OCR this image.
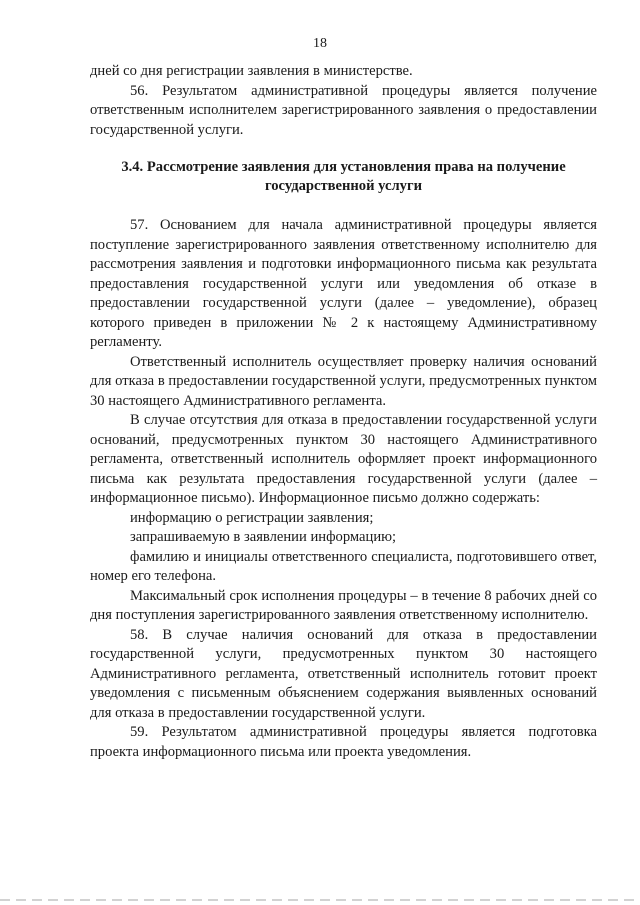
18

дней со дня регистрации заявления в министерстве.

56. Результатом административной процедуры является получение ответственным исполнителем зарегистрированного заявления о предоставлении государственной услуги.

3.4. Рассмотрение заявления для установления права на получение
государственной услуги

57. Основанием для начала административной процедуры является поступление зарегистрированного заявления ответственному исполнителю для рассмотрения заявления и подготовки информационного письма как результата предоставления государственной услуги или уведомления об отказе в предоставлении государственной услуги (далее – уведомление), образец которого приведен в приложении № 2 к настоящему Административному регламенту.

Ответственный исполнитель осуществляет проверку наличия оснований для отказа в предоставлении государственной услуги, предусмотренных пунктом 30 настоящего Административного регламента.

В случае отсутствия для отказа в предоставлении государственной услуги оснований, предусмотренных пунктом 30 настоящего Административного регламента, ответственный исполнитель оформляет проект информационного письма как результата предоставления государственной услуги (далее – информационное письмо). Информационное письмо должно содержать:

информацию о регистрации заявления;

запрашиваемую в заявлении информацию;

фамилию и инициалы ответственного специалиста, подготовившего ответ, номер его телефона.

Максимальный срок исполнения процедуры – в течение 8 рабочих дней со дня поступления зарегистрированного заявления ответственному исполнителю.

58. В случае наличия оснований для отказа в предоставлении государственной услуги, предусмотренных пунктом 30 настоящего Административного регламента, ответственный исполнитель готовит проект уведомления с письменным объяснением содержания выявленных оснований для отказа в предоставлении государственной услуги.

59. Результатом административной процедуры является подготовка проекта информационного письма или проекта уведомления.
